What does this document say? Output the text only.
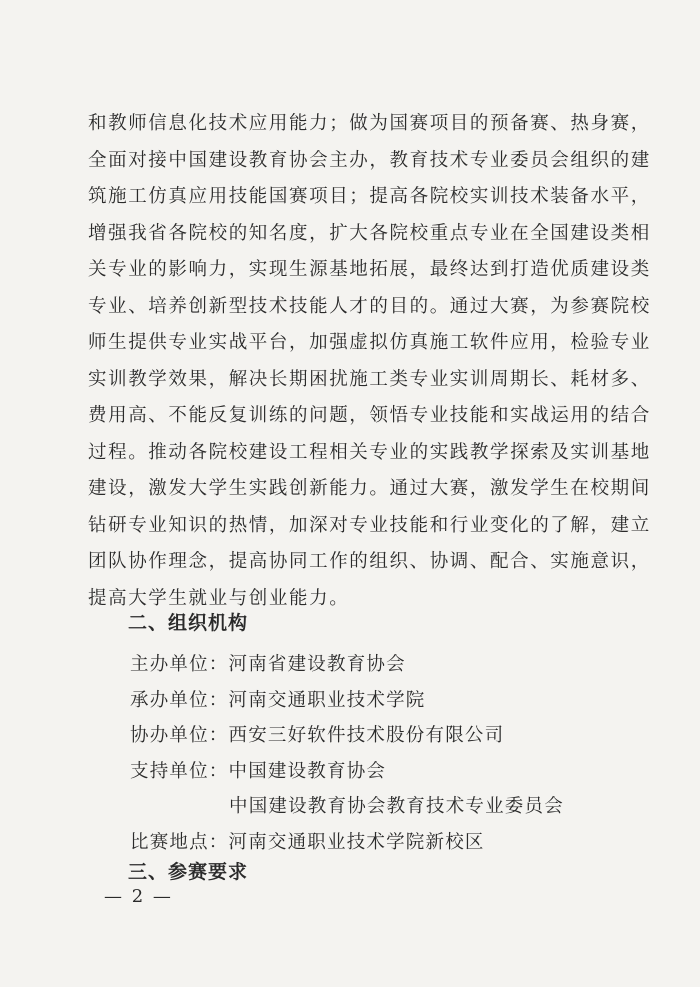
和教师信息化技术应用能力；做为国赛项目的预备赛、热身赛，
全面对接中国建设教育协会主办，教育技术专业委员会组织的建
筑施工仿真应用技能国赛项目；提高各院校实训技术装备水平，
增强我省各院校的知名度，扩大各院校重点专业在全国建设类相
关专业的影响力，实现生源基地拓展，最终达到打造优质建设类
专业、培养创新型技术技能人才的目的。通过大赛，为参赛院校
师生提供专业实战平台，加强虚拟仿真施工软件应用，检验专业
实训教学效果，解决长期困扰施工类专业实训周期长、耗材多、
费用高、不能反复训练的问题，领悟专业技能和实战运用的结合
过程。推动各院校建设工程相关专业的实践教学探索及实训基地
建设，激发大学生实践创新能力。通过大赛，激发学生在校期间
钻研专业知识的热情，加深对专业技能和行业变化的了解，建立
团队协作理念，提高协同工作的组织、协调、配合、实施意识，
提高大学生就业与创业能力。

二、组织机构
主办单位：河南省建设教育协会
承办单位：河南交通职业技术学院
协办单位：西安三好软件技术股份有限公司
支持单位：中国建设教育协会
中国建设教育协会教育技术专业委员会
比赛地点：河南交通职业技术学院新校区
三、参赛要求
— 2 —
